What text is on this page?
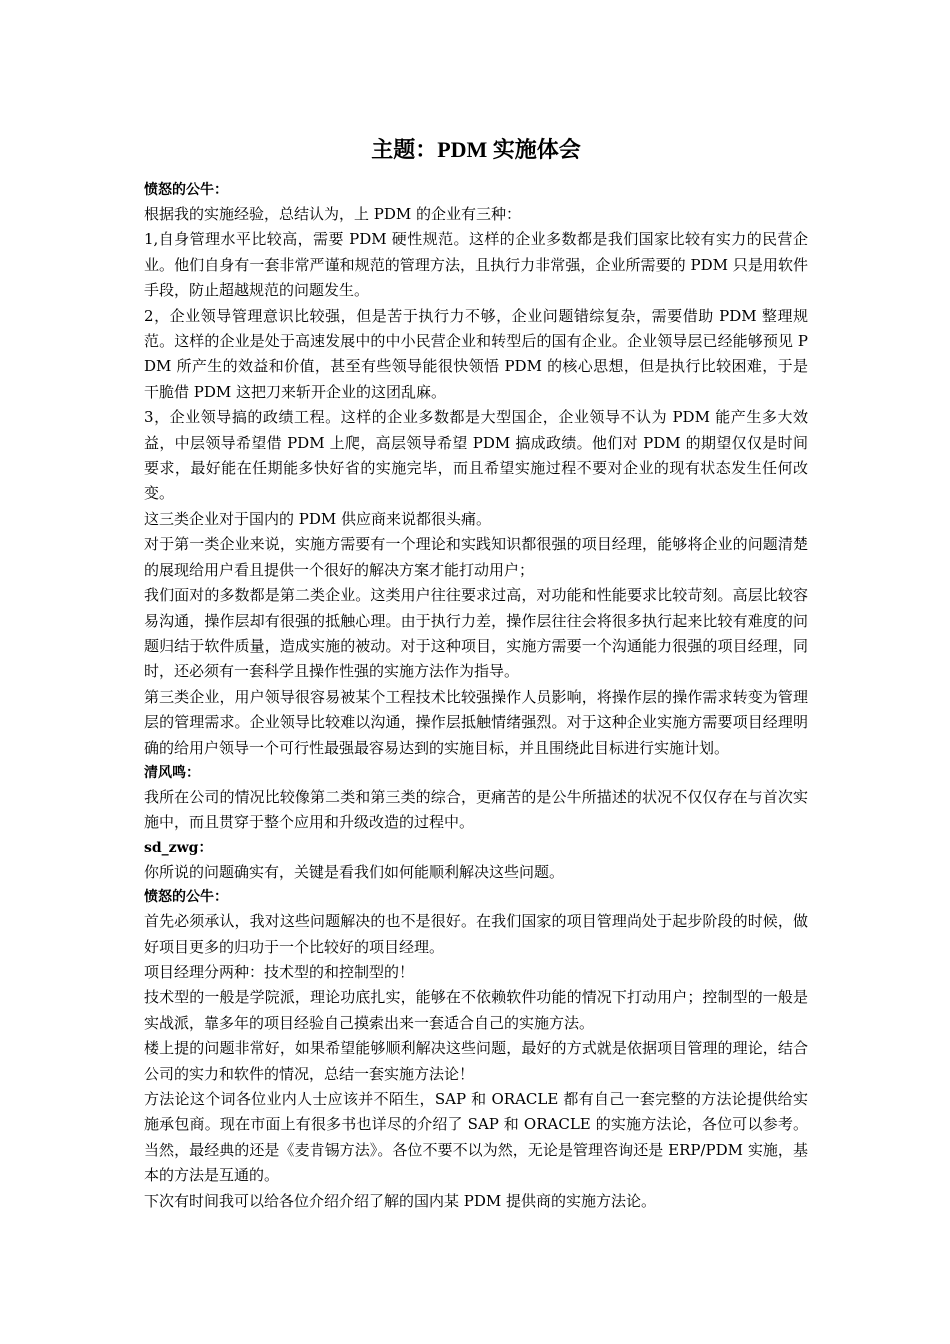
主题：PDM 实施体会
愤怒的公牛：
根据我的实施经验，总结认为，上 PDM 的企业有三种：
1,自身管理水平比较高，需要 PDM 硬性规范。这样的企业多数都是我们国家比较有实力的民营企业。他们自身有一套非常严谨和规范的管理方法，且执行力非常强，企业所需要的 PDM 只是用软件手段，防止超越规范的问题发生。
2，企业领导管理意识比较强，但是苦于执行力不够，企业问题错综复杂，需要借助 PDM 整理规范。这样的企业是处于高速发展中的中小民营企业和转型后的国有企业。企业领导层已经能够预见 PDM 所产生的效益和价值，甚至有些领导能很快领悟 PDM 的核心思想，但是执行比较困难，于是干脆借 PDM 这把刀来斩开企业的这团乱麻。
3，企业领导搞的政绩工程。这样的企业多数都是大型国企，企业领导不认为 PDM 能产生多大效益，中层领导希望借 PDM 上爬，高层领导希望 PDM 搞成政绩。他们对 PDM 的期望仅仅是时间要求，最好能在任期能多快好省的实施完毕，而且希望实施过程不要对企业的现有状态发生任何改变。
这三类企业对于国内的 PDM 供应商来说都很头痛。
对于第一类企业来说，实施方需要有一个理论和实践知识都很强的项目经理，能够将企业的问题清楚的展现给用户看且提供一个很好的解决方案才能打动用户；
我们面对的多数都是第二类企业。这类用户往往要求过高，对功能和性能要求比较苛刻。高层比较容易沟通，操作层却有很强的抵触心理。由于执行力差，操作层往往会将很多执行起来比较有难度的问题归结于软件质量，造成实施的被动。对于这种项目，实施方需要一个沟通能力很强的项目经理，同时，还必须有一套科学且操作性强的实施方法作为指导。
第三类企业，用户领导很容易被某个工程技术比较强操作人员影响，将操作层的操作需求转变为管理层的管理需求。企业领导比较难以沟通，操作层抵触情绪强烈。对于这种企业实施方需要项目经理明确的给用户领导一个可行性最强最容易达到的实施目标，并且围绕此目标进行实施计划。
清风鸣：
我所在公司的情况比较像第二类和第三类的综合，更痛苦的是公牛所描述的状况不仅仅存在与首次实施中，而且贯穿于整个应用和升级改造的过程中。
sd_zwg：
你所说的问题确实有，关键是看我们如何能顺利解决这些问题。
愤怒的公牛：
首先必须承认，我对这些问题解决的也不是很好。在我们国家的项目管理尚处于起步阶段的时候，做好项目更多的归功于一个比较好的项目经理。
项目经理分两种：技术型的和控制型的！
技术型的一般是学院派，理论功底扎实，能够在不依赖软件功能的情况下打动用户；控制型的一般是实战派，靠多年的项目经验自己摸索出来一套适合自己的实施方法。
楼上提的问题非常好，如果希望能够顺利解决这些问题，最好的方式就是依据项目管理的理论，结合公司的实力和软件的情况，总结一套实施方法论！
方法论这个词各位业内人士应该并不陌生，SAP 和 ORACLE 都有自己一套完整的方法论提供给实施承包商。现在市面上有很多书也详尽的介绍了 SAP 和 ORACLE 的实施方法论，各位可以参考。当然，最经典的还是《麦肯锡方法》。各位不要不以为然，无论是管理咨询还是 ERP/PDM 实施，基本的方法是互通的。
下次有时间我可以给各位介绍介绍了解的国内某 PDM 提供商的实施方法论。
